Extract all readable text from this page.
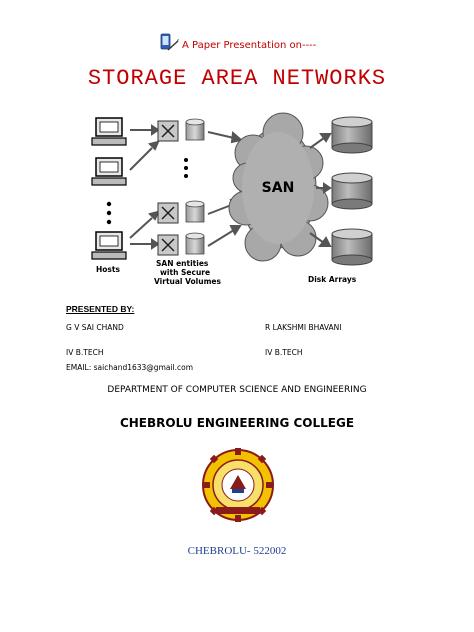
A Paper Presentation on----
STORAGE AREA NETWORKS
SAN
Hosts
SAN entities
with Secure
Virtual Volumes	Disk Arrays
PRESENTED BY:
G V SAI CHAND	R LAKSHMI BHAVANI
IV B.TECH	IV B.TECH
EMAIL: saichand1633@gmail.com
DEPARTMENT OF COMPUTER SCIENCE AND ENGINEERING
CHEBROLU ENGINEERING COLLEGE
CHEBROLU- 522002
